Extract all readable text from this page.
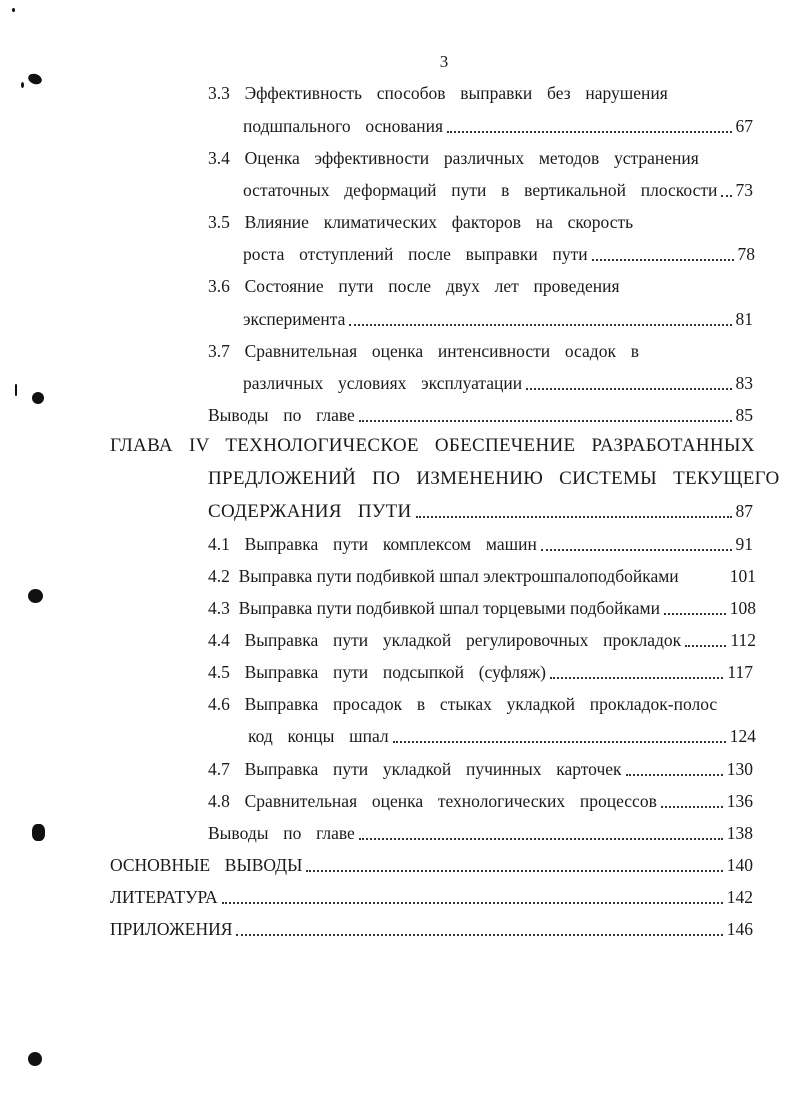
3
3.3  Эффективность  способов  выправки  без  нарушения
подшпального  основания	67
3.4  Оценка  эффективности  различных  методов  устранения
остаточных  деформаций  пути  в  вертикальной  плоскости 73
3.5  Влияние  климатических  факторов  на  скорость
роста  отступлений  после  выправки  пути	78
3.6  Состояние  пути  после  двух  лет  проведения
эксперимента	81
3.7  Сравнительная  оценка  интенсивности  осадок  в
различных  условиях  эксплуатации	83
Выводы  по  главе	85
ГЛАВА  IV  ТЕХНОЛОГИЧЕСКОЕ  ОБЕСПЕЧЕНИЕ  РАЗРАБОТАННЫХ
ПРЕДЛОЖЕНИЙ  ПО  ИЗМЕНЕНИЮ  СИСТЕМЫ  ТЕКУЩЕГО
СОДЕРЖАНИЯ  ПУТИ	87
4.1  Выправка  пути  комплексом  машин	91
4.2  Выправка пути подбивкой шпал электрошпалоподбойками	101
4.3  Выправка пути подбивкой шпал торцевыми подбойками	108
4.4  Выправка  пути  укладкой  регулировочных  прокладок	112
4.5  Выправка  пути  подсыпкой  (суфляж)	117
4.6  Выправка  просадок  в  стыках  укладкой  прокладок-полос
код  концы  шпал	124
4.7  Выправка  пути  укладкой  пучинных  карточек	130
4.8  Сравнительная  оценка  технологических  процессов	136
Выводы  по  главе	138
ОСНОВНЫЕ  ВЫВОДЫ	140
ЛИТЕРАТУРА	142
ПРИЛОЖЕНИЯ	146
